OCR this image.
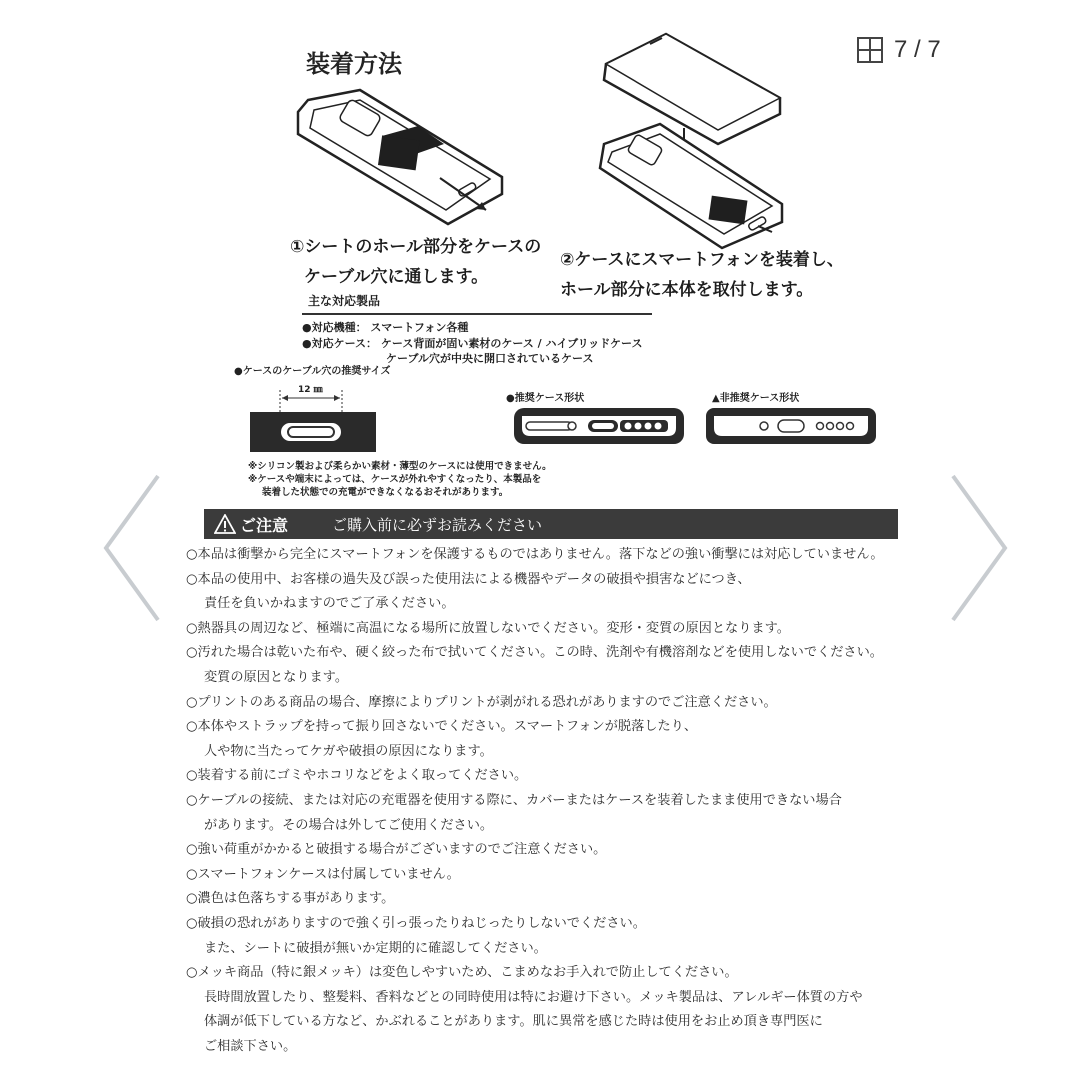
7 / 7
装着方法
①シートのホール部分をケースの
ケーブル穴に通します。
②ケースにスマートフォンを装着し、
ホール部分に本体を取付します。
主な対応製品
●対応機種： スマートフォン各種
●対応ケース： ケース背面が固い素材のケース / ハイブリッドケース
ケーブル穴が中央に開口されているケース
●ケースのケーブル穴の推奨サイズ
12 ㎜
●推奨ケース形状	▲非推奨ケース形状
※シリコン製および柔らかい素材・薄型のケースには使用できません。
※ケースや端末によっては、ケースが外れやすくなったり、本製品を
装着した状態での充電ができなくなるおそれがあります。
ご注意	ご購入前に必ずお読みください
○本品は衝撃から完全にスマートフォンを保護するものではありません。落下などの強い衝撃には対応していません。
○本品の使用中、お客様の過失及び誤った使用法による機器やデータの破損や損害などにつき、
責任を負いかねますのでご了承ください。
○熱器具の周辺など、極端に高温になる場所に放置しないでください。変形・変質の原因となります。
○汚れた場合は乾いた布や、硬く絞った布で拭いてください。この時、洗剤や有機溶剤などを使用しないでください。
変質の原因となります。
○プリントのある商品の場合、摩擦によりプリントが剥がれる恐れがありますのでご注意ください。
○本体やストラップを持って振り回さないでください。スマートフォンが脱落したり、
人や物に当たってケガや破損の原因になります。
○装着する前にゴミやホコリなどをよく取ってください。
○ケーブルの接続、または対応の充電器を使用する際に、カバーまたはケースを装着したまま使用できない場合
があります。その場合は外してご使用ください。
○強い荷重がかかると破損する場合がございますのでご注意ください。
○スマートフォンケースは付属していません。
○濃色は色落ちする事があります。
○破損の恐れがありますので強く引っ張ったりねじったりしないでください。
また、シートに破損が無いか定期的に確認してください。
○メッキ商品（特に銀メッキ）は変色しやすいため、こまめなお手入れで防止してください。
長時間放置したり、整髪料、香料などとの同時使用は特にお避け下さい。メッキ製品は、アレルギー体質の方や
体調が低下している方など、かぶれることがあります。肌に異常を感じた時は使用をお止め頂き専門医に
ご相談下さい。
